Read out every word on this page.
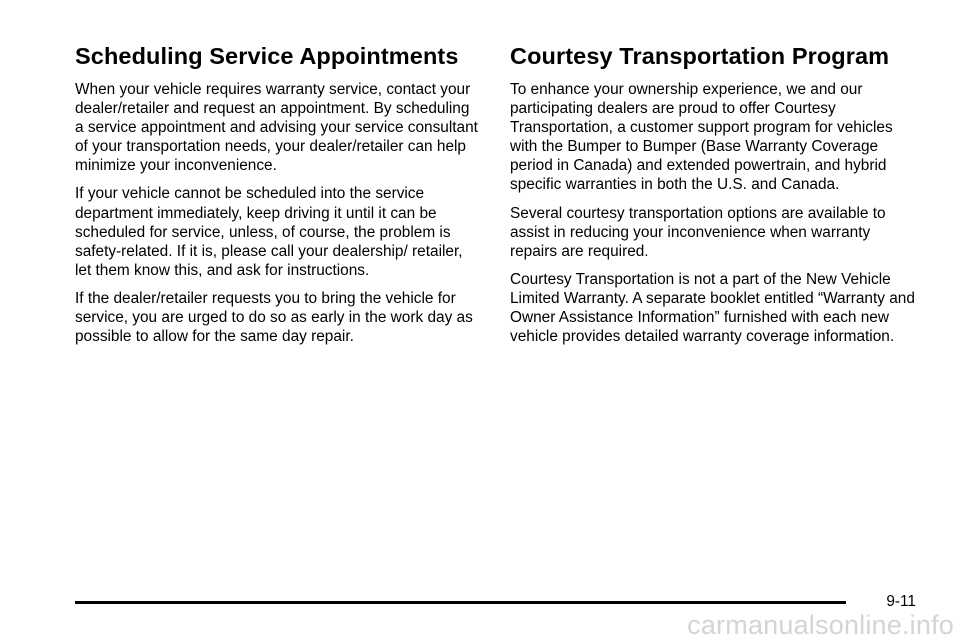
Scheduling Service Appointments

When your vehicle requires warranty service, contact your dealer/retailer and request an appointment. By scheduling a service appointment and advising your service consultant of your transportation needs, your dealer/retailer can help minimize your inconvenience.

If your vehicle cannot be scheduled into the service department immediately, keep driving it until it can be scheduled for service, unless, of course, the problem is safety-related. If it is, please call your dealership/ retailer, let them know this, and ask for instructions.

If the dealer/retailer requests you to bring the vehicle for service, you are urged to do so as early in the work day as possible to allow for the same day repair.

Courtesy Transportation Program

To enhance your ownership experience, we and our participating dealers are proud to offer Courtesy Transportation, a customer support program for vehicles with the Bumper to Bumper (Base Warranty Coverage period in Canada) and extended powertrain, and hybrid specific warranties in both the U.S. and Canada.

Several courtesy transportation options are available to assist in reducing your inconvenience when warranty repairs are required.

Courtesy Transportation is not a part of the New Vehicle Limited Warranty. A separate booklet entitled “Warranty and Owner Assistance Information” furnished with each new vehicle provides detailed warranty coverage information.

9-11
carmanualsonline.info
